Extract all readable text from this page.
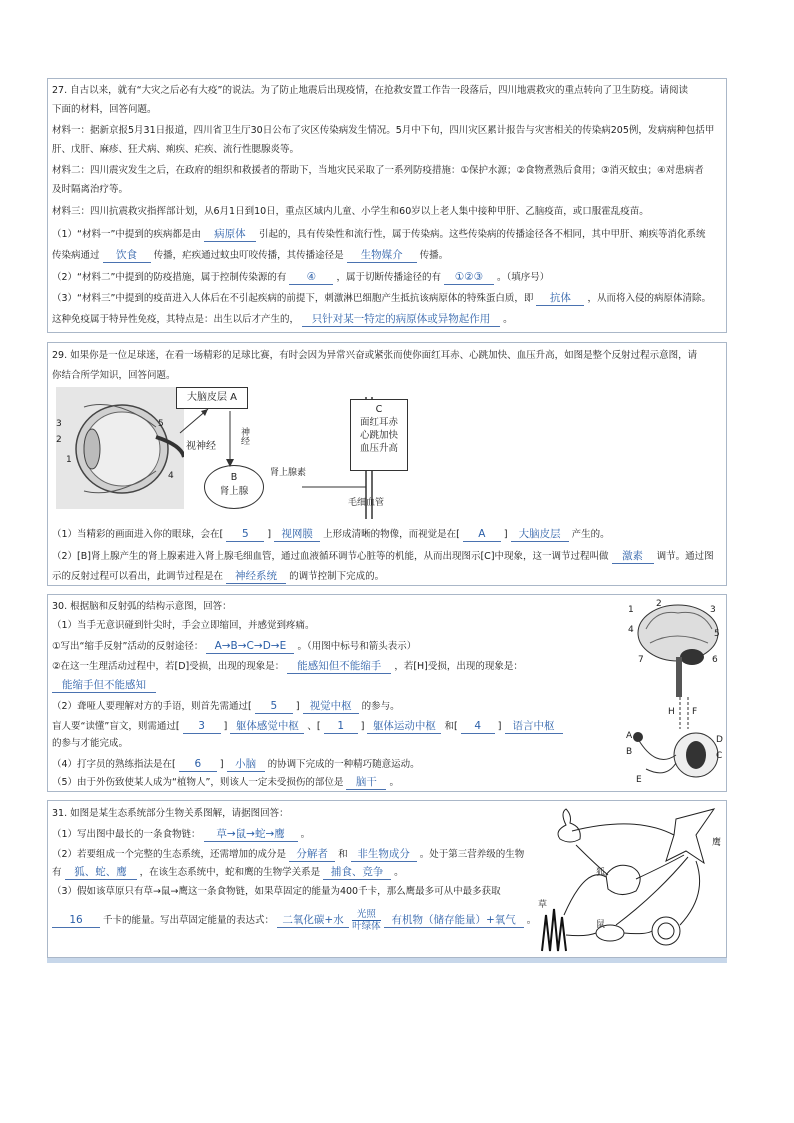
27. 自古以来，就有“大灾之后必有大疫”的说法。为了防止地震后出现疫情，在抢救安置工作告一段落后，四川地震救灾的重点转向了卫生防疫。请阅读
下面的材料，回答问题。
材料一：据新京报5月31日报道，四川省卫生厅30日公布了灾区传染病发生情况。5月中下旬，四川灾区累计报告与灾害相关的传染病205例，发病病种包括甲
肝、戊肝、麻疹、狂犬病、痢疾、疟疾、流行性腮腺炎等。
材料二：四川震灾发生之后，在政府的组织和救援者的帮助下，当地灾民采取了一系列防疫措施：①保护水源；②食物煮熟后食用；③消灭蚊虫；④对患病者
及时隔离治疗等。
材料三：四川抗震救灾指挥部计划，从6月1日到10日，重点区域内儿童、小学生和60岁以上老人集中接种甲肝、乙脑疫苗，或口服霍乱疫苗。
（1）“材料一”中提到的疾病都是由 病原体 引起的，具有传染性和流行性，属于传染病。这些传染病的传播途径各不相同，其中甲肝、痢疾等消化系统
传染病通过 饮食 传播，疟疾通过蚊虫叮咬传播，其传播途径是 生物媒介 传播。
（2）“材料二”中提到的防疫措施，属于控制传染源的有 ④ ，属于切断传播途径的有 ①②③ 。（填序号）
（3）“材料三”中提到的疫苗进入人体后在不引起疾病的前提下，刺激淋巴细胞产生抵抗该病原体的特殊蛋白质，即 抗体 ，从而将入侵的病原体清除。
这种免疫属于特异性免疫，其特点是：出生以后才产生的， 只针对某一特定的病原体或异物起作用 。
29. 如果你是一位足球迷，在看一场精彩的足球比赛，有时会因为异常兴奋或紧张而使你面红耳赤、心跳加快、血压升高，如图是整个反射过程示意图，请
你结合所学知识，回答问题。
3
2
1
5
4
大脑皮层 A
神经
视神经
B
肾上腺
肾上腺素
C
面红耳赤
心跳加快
血压升高
毛细血管
（1）当精彩的画面进入你的眼球，会在[ 5 ] 视网膜 上形成清晰的物像，而视觉是在[ A ] 大脑皮层 产生的。
（2）[B]肾上腺产生的肾上腺素进入肾上腺毛细血管，通过血液循环调节心脏等的机能，从而出现图示[C]中现象，这一调节过程叫做 激素 调节。通过图
示的反射过程可以看出，此调节过程是在 神经系统 的调节控制下完成的。
30. 根据脑和反射弧的结构示意图，回答：
（1）当手无意识碰到针尖时，手会立即缩回，并感觉到疼痛。
①写出“缩手反射”活动的反射途径： A→B→C→D→E 。（用图中标号和箭头表示）
②在这一生理活动过程中，若[D]受损，出现的现象是： 能感知但不能缩手 ，若[H]受损，出现的现象是：
能缩手但不能感知
（2）聋哑人要理解对方的手语，则首先需通过[ 5 ] 视觉中枢 的参与。
盲人要“读懂”盲文，则需通过[ 3 ] 躯体感觉中枢 、[ 1 ] 躯体运动中枢 和[ 4 ] 语言中枢
的参与才能完成。
（4）打字员的熟练指法是在[ 6 ] 小脑 的协调下完成的一种精巧随意运动。
（5）由于外伤致使某人成为“植物人”，则该人一定未受损伤的部位是 脑干 。
1
2
3
4	5
6
7
A
B	C
D
E
F
H
31. 如图是某生态系统部分生物关系图解，请据图回答：
（1）写出图中最长的一条食物链： 草→鼠→蛇→鹰 。
（2）若要组成一个完整的生态系统，还需增加的成分是 分解者 和 非生物成分 。处于第三营养级的生物
有 狐、蛇、鹰 ，在该生态系统中，蛇和鹰的生物学关系是 捕食、竞争 。
（3）假如该草原只有草→鼠→鹰这一条食物链，如果草固定的能量为400千卡，那么鹰最多可从中最多获取
16 千卡的能量。写出草固定能量的表达式： 二氧化碳+水	光照
叶绿体
有机物（储存能量）+氧气 。
草
鼠
狐
鹰
